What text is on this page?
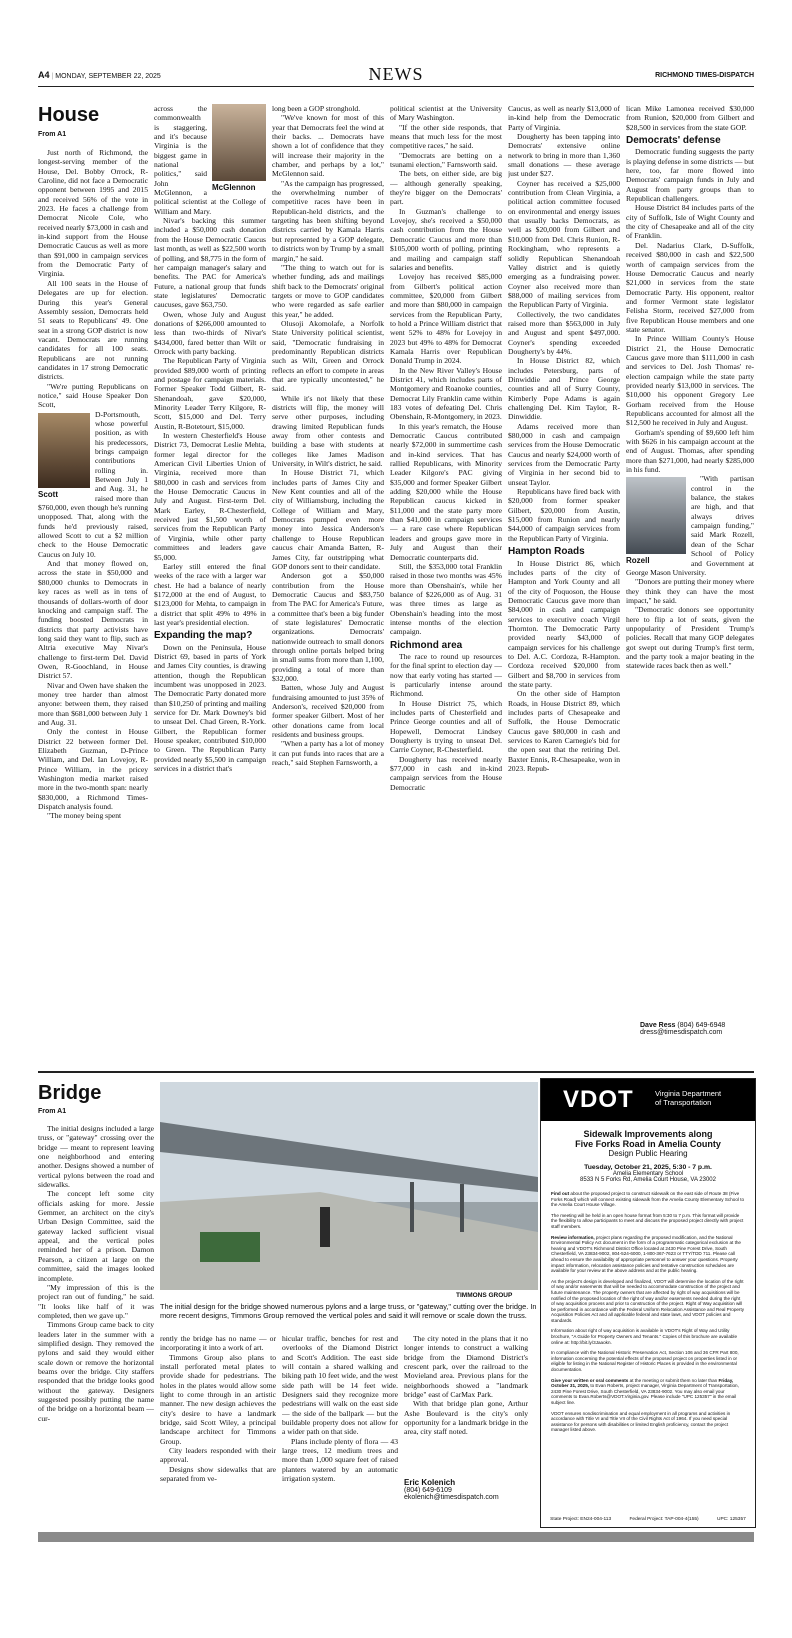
A4 | MONDAY, SEPTEMBER 22, 2025	NEWS	RICHMOND TIMES-DISPATCH
House
From A1

Just north of Richmond, the longest-serving member of the House, Del. Bobby Orrock, R-Caroline, did not face a Democratic opponent between 1995 and 2015 and received 56% of the vote in 2023. He faces a challenge from Democrat Nicole Cole, who received nearly $73,000 in cash and in-kind support from the House Democratic Caucus as well as more than $91,000 in campaign services from the Democratic Party of Virginia.

All 100 seats in the House of Delegates are up for election. During this year's General Assembly session, Democrats held 51 seats to Republicans' 49. One seat in a strong GOP district is now vacant. Democrats are running candidates for all 100 seats. Republicans are not running candidates in 17 strong Democratic districts.

"We're putting Republicans on notice," said House Speaker Don Scott,

Scott

D-Portsmouth, whose powerful position, as with his predecessors, brings campaign contributions rolling in. Between July 1 and Aug. 31, he raised more than $760,000, even though he's running unopposed. That, along with the funds he'd previously raised, allowed Scott to cut a $2 million check to the House Democratic Caucus on July 10.

And that money flowed on, across the state in $50,000 and $80,000 chunks to Democrats in key races as well as in tens of thousands of dollars-worth of door knocking and campaign staff. The funding boosted Democrats in districts that party activists have long said they want to flip, such as Altria executive May Nivar's challenge to first-term Del. David Owen, R-Goochland, in House District 57.

Nivar and Owen have shaken the money tree harder than almost anyone: between them, they raised more than $681,000 between July 1 and Aug. 31.

Only the contest in House District 22 between former Del. Elizabeth Guzman, D-Prince William, and Del. Ian Lovejoy, R-Prince William, in the pricey Washington media market raised more in the two-month span: nearly $830,000, a Richmond Times-Dispatch analysis found.

"The money being spent

McGlennon

across the commonwealth is staggering, and it's because Virginia is the biggest game in national politics," said John McGlennon, a political scientist at the College of William and Mary.

Nivar's backing this summer included a $50,000 cash donation from the House Democratic Caucus last month, as well as $22,500 worth of polling, and $8,775 in the form of her campaign manager's salary and benefits. The PAC for America's Future, a national group that funds state legislatures' Democratic caucuses, gave $63,750.

Owen, whose July and August donations of $266,000 amounted to less than two-thirds of Nivar's $434,000, fared better than Wilt or Orrock with party backing.

The Republican Party of Virginia provided $89,000 worth of printing and postage for campaign materials. Former Speaker Todd Gilbert, R-Shenandoah, gave $20,000, Minority Leader Terry Kilgore, R-Scott, $15,000 and Del. Terry Austin, R-Botetourt, $15,000.

In western Chesterfield's House District 73, Democrat Leslie Mehta, former legal director for the American Civil Liberties Union of Virginia, received more than $80,000 in cash and services from the House Democratic Caucus in July and August. First-term Del. Mark Earley, R-Chesterfield, received just $1,500 worth of services from the Republican Party of Virginia, while other party committees and leaders gave $5,000.

Earley still entered the final weeks of the race with a larger war chest. He had a balance of nearly $172,000 at the end of August, to $123,000 for Mehta, to campaign in a district that split 49% to 49% in last year's presidential election.

Expanding the map?

Down on the Peninsula, House District 69, based in parts of York and James City counties, is drawing attention, though the Republican incumbent was unopposed in 2023. The Democratic Party donated more than $10,250 of printing and mailing service for Dr. Mark Downey's bid to unseat Del. Chad Green, R-York. Gilbert, the Republican former House speaker, contributed $10,000 to Green. The Republican Party provided nearly $5,500 in campaign services in a district that's

long been a GOP stronghold.

"We've known for most of this year that Democrats feel the wind at their backs. ... Democrats have shown a lot of confidence that they will increase their majority in the chamber, and perhaps by a lot," McGlennon said.

"As the campaign has progressed, the overwhelming number of competitive races have been in Republican-held districts, and the targeting has been shifting beyond districts carried by Kamala Harris but represented by a GOP delegate, to districts won by Trump by a small margin," he said.

"The thing to watch out for is whether funding, ads and mailings shift back to the Democrats' original targets or move to GOP candidates who were regarded as safe earlier this year," he added.

Olusoji Akomolafe, a Norfolk State University political scientist, said, "Democratic fundraising in predominantly Republican districts such as Wilt, Green and Orrock reflects an effort to compete in areas that are typically uncontested," he said.

While it's not likely that these districts will flip, the money will serve other purposes, including drawing limited Republican funds away from other contests and building a base with students at colleges like James Madison University, in Wilt's district, he said.

In House District 71, which includes parts of James City and New Kent counties and all of the city of Williamsburg, including the College of William and Mary, Democrats pumped even more money into Jessica Anderson's challenge to House Republican caucus chair Amanda Batten, R-James City, far outstripping what GOP donors sent to their candidate.

Anderson got a $50,000 contribution from the House Democratic Caucus and $83,750 from The PAC for America's Future, a committee that's been a big funder of state legislatures' Democratic organizations. Democrats' nationwide outreach to small donors through online portals helped bring in small sums from more than 1,100, providing a total of more than $32,000.

Batten, whose July and August fundraising amounted to just 35% of Anderson's, received $20,000 from former speaker Gilbert. Most of her other donations came from local residents and business groups.

"When a party has a lot of money it can put funds into races that are a reach," said Stephen Farnsworth, a

political scientist at the University of Mary Washington.

"If the other side responds, that means that much less for the most competitive races," he said.

"Democrats are betting on a tsunami election," Farnsworth said.

The bets, on either side, are big — although generally speaking, they're bigger on the Democrats' part.

In Guzman's challenge to Lovejoy, she's received a $50,000 cash contribution from the House Democratic Caucus and more than $105,000 worth of polling, printing and mailing and campaign staff salaries and benefits.

Lovejoy has received $85,000 from Gilbert's political action committee, $20,000 from Gilbert and more than $80,000 in campaign services from the Republican Party, to hold a Prince William district that went 52% to 48% for Lovejoy in 2023 but 49% to 48% for Democrat Kamala Harris over Republican Donald Trump in 2024.

In the New River Valley's House District 41, which includes parts of Montgomery and Roanoke counties, Democrat Lily Franklin came within 183 votes of defeating Del. Chris Obenshain, R-Montgomery, in 2023.

In this year's rematch, the House Democratic Caucus contributed nearly $72,000 in summertime cash and in-kind services. That has rallied Republicans, with Minority Leader Kilgore's PAC giving $35,000 and former Speaker Gilbert adding $20,000 while the House Republican caucus kicked in $11,000 and the state party more than $41,000 in campaign services — a rare case where Republican leaders and groups gave more in July and August than their Democratic counterparts did.

Still, the $353,000 total Franklin raised in those two months was 45% more than Obenshain's, while her balance of $226,000 as of Aug. 31 was three times as large as Obenshain's heading into the most intense months of the election campaign.

Richmond area

The race to round up resources for the final sprint to election day — now that early voting has started — is particularly intense around Richmond.

In House District 75, which includes parts of Chesterfield and Prince George counties and all of Hopewell, Democrat Lindsey Dougherty is trying to unseat Del. Carrie Coyner, R-Chesterfield.

Dougherty has received nearly $77,000 in cash and in-kind campaign services from the House Democratic

Caucus, as well as nearly $13,000 of in-kind help from the Democratic Party of Virginia.

Dougherty has been tapping into Democrats' extensive online network to bring in more than 1,360 small donations — these average just under $27.

Coyner has received a $25,000 contribution from Clean Virginia, a political action committee focused on environmental and energy issues that usually backs Democrats, as well as $20,000 from Gilbert and $10,000 from Del. Chris Runion, R-Rockingham, who represents a solidly Republican Shenandoah Valley district and is quietly emerging as a fundraising power. Coyner also received more than $88,000 of mailing services from the Republican Party of Virginia.

Collectively, the two candidates raised more than $563,000 in July and August and spent $497,000. Coyner's spending exceeded Dougherty's by 44%.

In House District 82, which includes Petersburg, parts of Dinwiddie and Prince George counties and all of Surry County, Kimberly Pope Adams is again challenging Del. Kim Taylor, R-Dinwiddie.

Adams received more than $80,000 in cash and campaign services from the House Democratic Caucus and nearly $24,000 worth of services from the Democratic Party of Virginia in her second bid to unseat Taylor.

Republicans have fired back with $20,000 from former speaker Gilbert, $20,000 from Austin, $15,000 from Runion and nearly $44,000 of campaign services from the Republican Party of Virginia.

Hampton Roads

In House District 86, which includes parts of the city of Hampton and York County and all of the city of Poquoson, the House Democratic Caucus gave more than $84,000 in cash and campaign services to executive coach Virgil Thornton. The Democratic Party provided nearly $43,000 of campaign services for his challenge to Del. A.C. Cordoza, R-Hampton. Cordoza received $20,000 from Gilbert and $8,700 in services from the state party.

On the other side of Hampton Roads, in House District 89, which includes parts of Chesapeake and Suffolk, the House Democratic Caucus gave $80,000 in cash and services to Karen Carnegie's bid for the open seat that the retiring Del. Baxter Ennis, R-Chesapeake, won in 2023. Repub-

lican Mike Lamonea received $30,000 from Runion, $20,000 from Gilbert and $28,500 in services from the state GOP.

Democrats' defense

Democratic funding suggests the party is playing defense in some districts — but here, too, far more flowed into Democrats' campaign funds in July and August from party groups than to Republican challengers.

House District 84 includes parts of the city of Suffolk, Isle of Wight County and the city of Chesapeake and all of the city of Franklin.

Del. Nadarius Clark, D-Suffolk, received $80,000 in cash and $22,500 worth of campaign services from the House Democratic Caucus and nearly $21,000 in services from the state Democratic Party. His opponent, realtor and former Vermont state legislator Felisha Storm, received $27,000 from five Republican House members and one state senator.

In Prince William County's House District 21, the House Democratic Caucus gave more than $111,000 in cash and services to Del. Josh Thomas' re-election campaign while the state party provided nearly $13,000 in services. The $10,000 his opponent Gregory Lee Gorham received from the House Republicans accounted for almost all the $12,500 he received in July and August.

Gorham's spending of $9,600 left him with $626 in his campaign account at the end of August. Thomas, after spending more than $271,000, had nearly $285,000 in his fund.

Rozell

"With partisan control in the balance, the stakes are high, and that always drives campaign funding," said Mark Rozell, dean of the Schar School of Policy and Government at George Mason University.

"Donors are putting their money where they think they can have the most impact," he said.

"Democratic donors see opportunity here to flip a lot of seats, given the unpopularity of President Trump's policies. Recall that many GOP delegates got swept out during Trump's first term, and the party took a major beating in the statewide races back then as well."

Dave Ress (804) 649-6948
dress@timesdispatch.com
Bridge
From A1

The initial designs included a large truss, or "gateway" crossing over the bridge — meant to represent leaving one neighborhood and entering another. Designs showed a number of vertical pylons between the road and sidewalks.

The concept left some city officials asking for more. Jessie Gemmer, an architect on the city's Urban Design Committee, said the gateway lacked sufficient visual appeal, and the vertical poles reminded her of a prison. Damon Pearson, a citizen at large on the committee, said the images looked incomplete.

"My impression of this is the project ran out of funding," he said. "It looks like half of it was completed, then we gave up."

Timmons Group came back to city leaders later in the summer with a simplified design. They removed the pylons and said they would either scale down or remove the horizontal beams over the bridge. City staffers responded that the bridge looks good without the gateway. Designers suggested possibly putting the name of the bridge on a horizontal beam — cur-

TIMMONS GROUP
The initial design for the bridge showed numerous pylons and a large truss, or "gateway," cutting over the bridge. In more recent designs, Timmons Group removed the vertical poles and said it will remove or scale down the truss.

rently the bridge has no name — or incorporating it into a work of art.

Timmons Group also plans to install perforated metal plates to provide shade for pedestrians. The holes in the plates would allow some light to come through in an artistic manner. The new design achieves the city's desire to have a landmark bridge, said Scott Wiley, a principal landscape architect for Timmons Group.

City leaders responded with their approval.

Designs show sidewalks that are separated from ve-

hicular traffic, benches for rest and overlooks of the Diamond District and Scott's Addition. The east side will contain a shared walking and biking path 10 feet wide, and the west side path will be 14 feet wide. Designers said they recognize more pedestrians will walk on the east side — the side of the ballpark — but the buildable property does not allow for a wider path on that side.

Plans include plenty of flora — 43 large trees, 12 medium trees and more than 1,000 square feet of raised planters watered by an automatic irrigation system.

The city noted in the plans that it no longer intends to construct a walking bridge from the Diamond District's crescent park, over the railroad to the Movieland area. Previous plans for the neighborhoods showed a "landmark bridge" east of CarMax Park.

With that bridge plan gone, Arthur Ashe Boulevard is the city's only opportunity for a landmark bridge in the area, city staff noted.

Eric Kolenich
(804) 649-6109
ekolenich@timesdispatch.com
VDOT	Virginia Department
of Transportation
Sidewalk Improvements along
Five Forks Road in Amelia County
Design Public Hearing
Tuesday, October 21, 2025, 5:30 - 7 p.m.
Amelia Elementary School
8533 N 5 Forks Rd, Amelia Court House, VA 23002

Find out about the proposed project to construct sidewalk on the east side of Route 38 (Five Forks Road) which will connect existing sidewalk from the Amelia County Elementary School to the Amelia Court House Village.

The meeting will be held in an open house format from 5:30 to 7 p.m. This format will provide the flexibility to allow participants to meet and discuss the proposed project directly with project staff members.

Review information, project plans regarding the proposed modification, and the National Environmental Policy Act document in the form of a programmatic categorical exclusion at the hearing and VDOT's Richmond District Office located at 2430 Pine Forest Drive, South Chesterfield, VA 23834-9002, 804-524-6000, 1-800-367-7623 or TTY/TDD 711. Please call ahead to ensure the availability of appropriate personnel to answer your questions. Property impact information, relocation assistance policies and tentative construction schedules are available for your review at the above address and at the public hearing.

As the project's design is developed and finalized, VDOT will determine the location of the right of way and/or easements that will be needed to accommodate construction of the project and future maintenance. The property owners that are affected by right of way acquisitions will be notified of the proposed location of the right of way and/or easements needed during the right of way acquisition process and prior to construction of the project. Right of Way acquisition will be performed in accordance with the Federal Uniform Relocation Assistance and Real Property Acquisition Policies Act and all applicable federal and state laws, and VDOT policies and standards.

Information about right of way acquisition is available in VDOT's Right of Way and Utility brochure, "A Guide for Property Owners and Tenants." Copies of this brochure are available online at: http://bit.ly/3Jaaokn.

In compliance with the National Historic Preservation Act, Section 106 and 36 CFR Part 800, information concerning the potential effects of the proposed project on properties listed in or eligible for listing in the National Register of Historic Places is provided in the environmental documentation.

Give your written or oral comments at the meeting or submit them no later than Friday, October 31, 2025, to Evan Roberts, project manager, Virginia Department of Transportation, 2430 Pine Forest Drive, South Chesterfield, VA 23834-9002. You may also email your comments to Evan.Roberts@VDOT.Virginia.gov. Please include "UPC 125357" in the email subject line.

VDOT ensures nondiscrimination and equal employment in all programs and activities in accordance with Title VI and Title VII of the Civil Rights Act of 1964. If you need special assistance for persons with disabilities or limited English proficiency, contact the project manager listed above.

State Project: EN24-004-113	Federal Project: TAP-004-4(155)	UPC: 125357
